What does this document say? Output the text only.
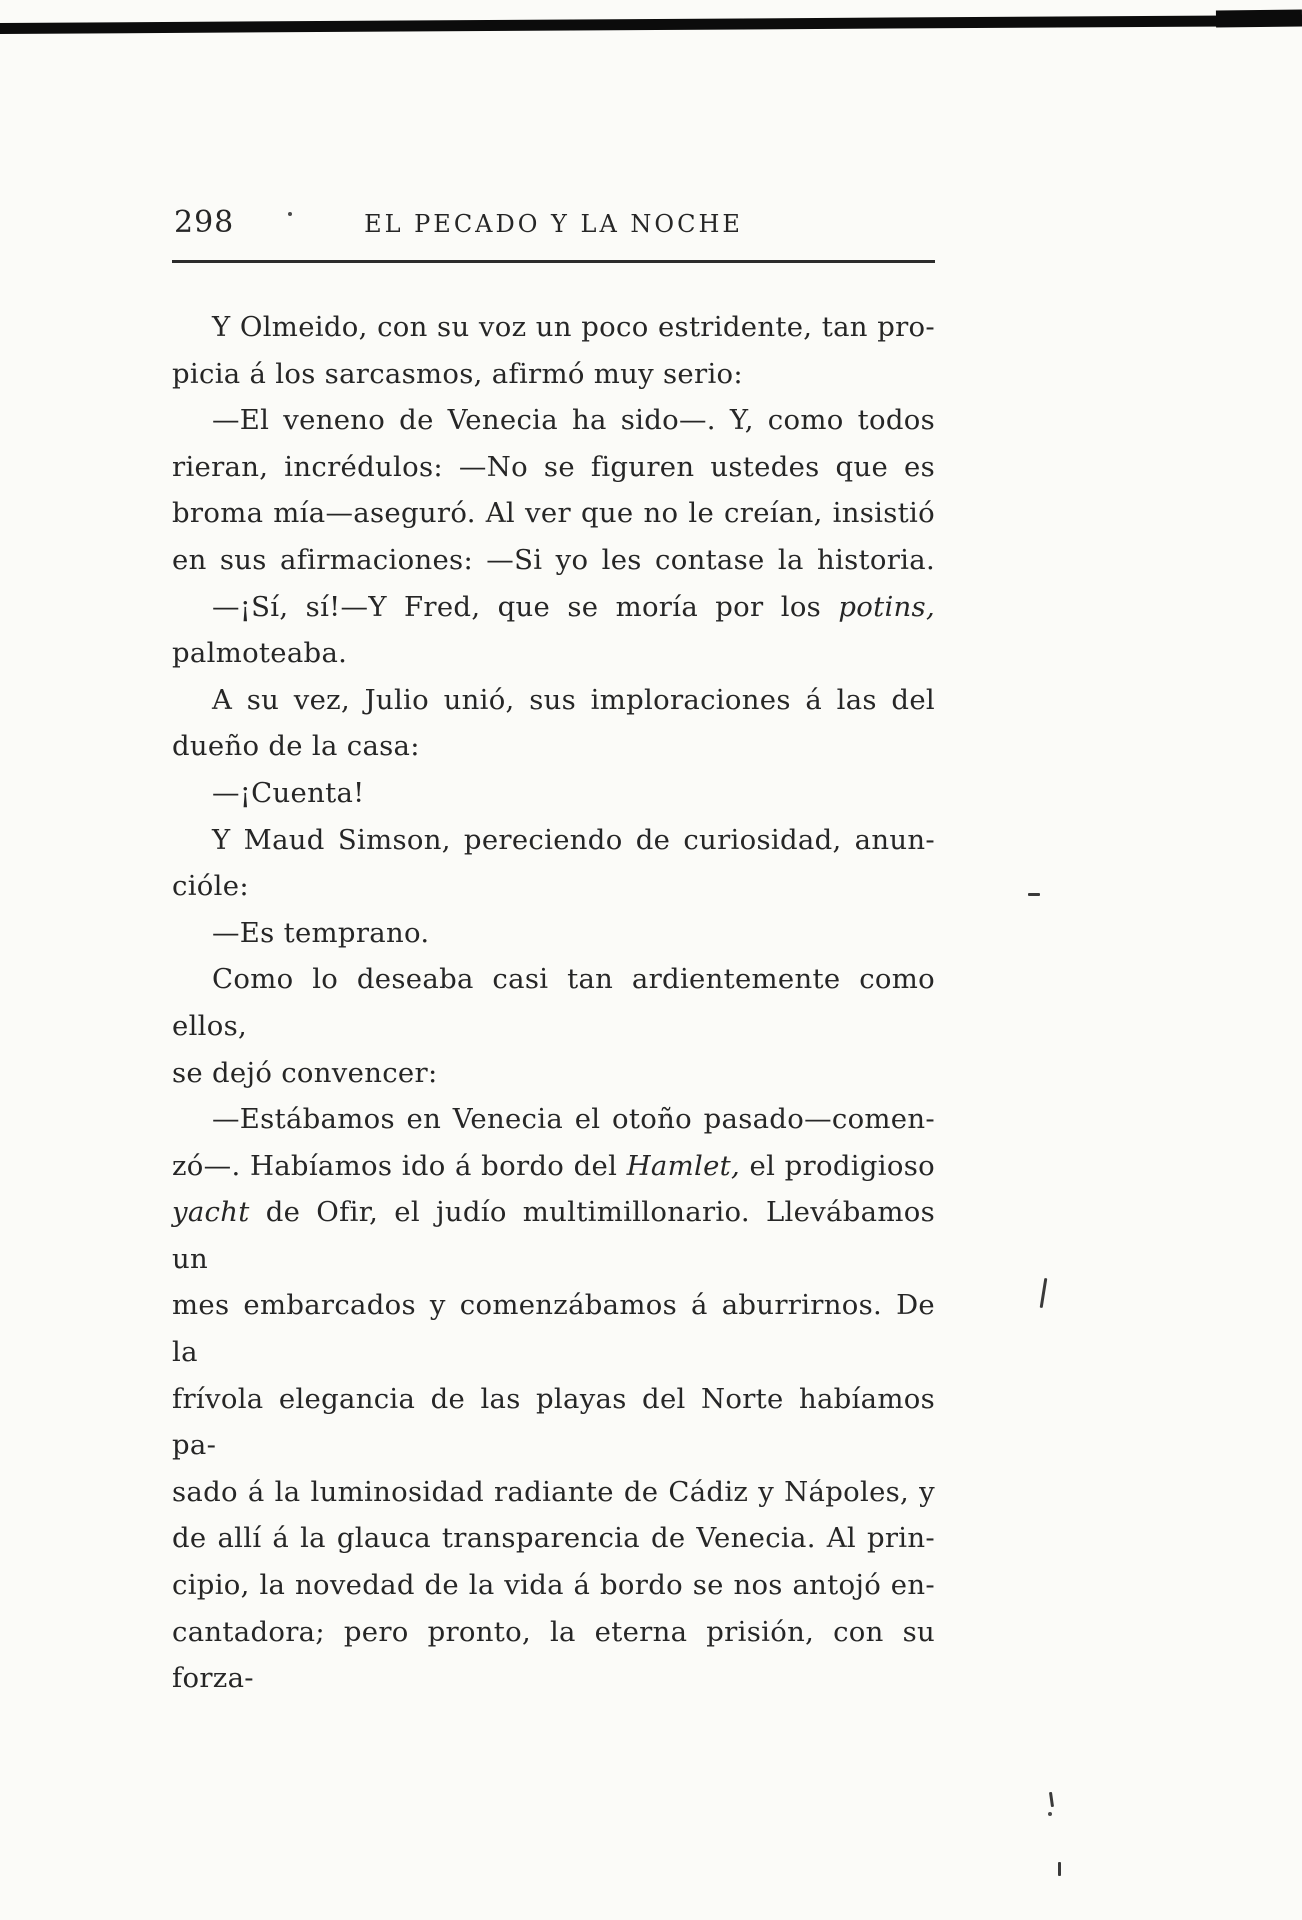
298	EL PECADO Y LA NOCHE
Y Olmeido, con su voz un poco estridente, tan pro-
picia á los sarcasmos, afirmó muy serio:
—El veneno de Venecia ha sido—. Y, como todos
rieran, incrédulos: —No se figuren ustedes que es
broma mía—aseguró. Al ver que no le creían, insistió
en sus afirmaciones: —Si yo les contase la historia.
—¡Sí, sí!—Y Fred, que se moría por los potins,
palmoteaba.
A su vez, Julio unió, sus imploraciones á las del
dueño de la casa:
—¡Cuenta!
Y Maud Simson, pereciendo de curiosidad, anun-
cióle:
—Es temprano.
Como lo deseaba casi tan ardientemente como ellos,
se dejó convencer:
—Estábamos en Venecia el otoño pasado—comen-
zó—. Habíamos ido á bordo del Hamlet, el prodigioso
yacht de Ofir, el judío multimillonario. Llevábamos un
mes embarcados y comenzábamos á aburrirnos. De la
frívola elegancia de las playas del Norte habíamos pa-
sado á la luminosidad radiante de Cádiz y Nápoles, y
de allí á la glauca transparencia de Venecia. Al prin-
cipio, la novedad de la vida á bordo se nos antojó en-
cantadora; pero pronto, la eterna prisión, con su forza-
